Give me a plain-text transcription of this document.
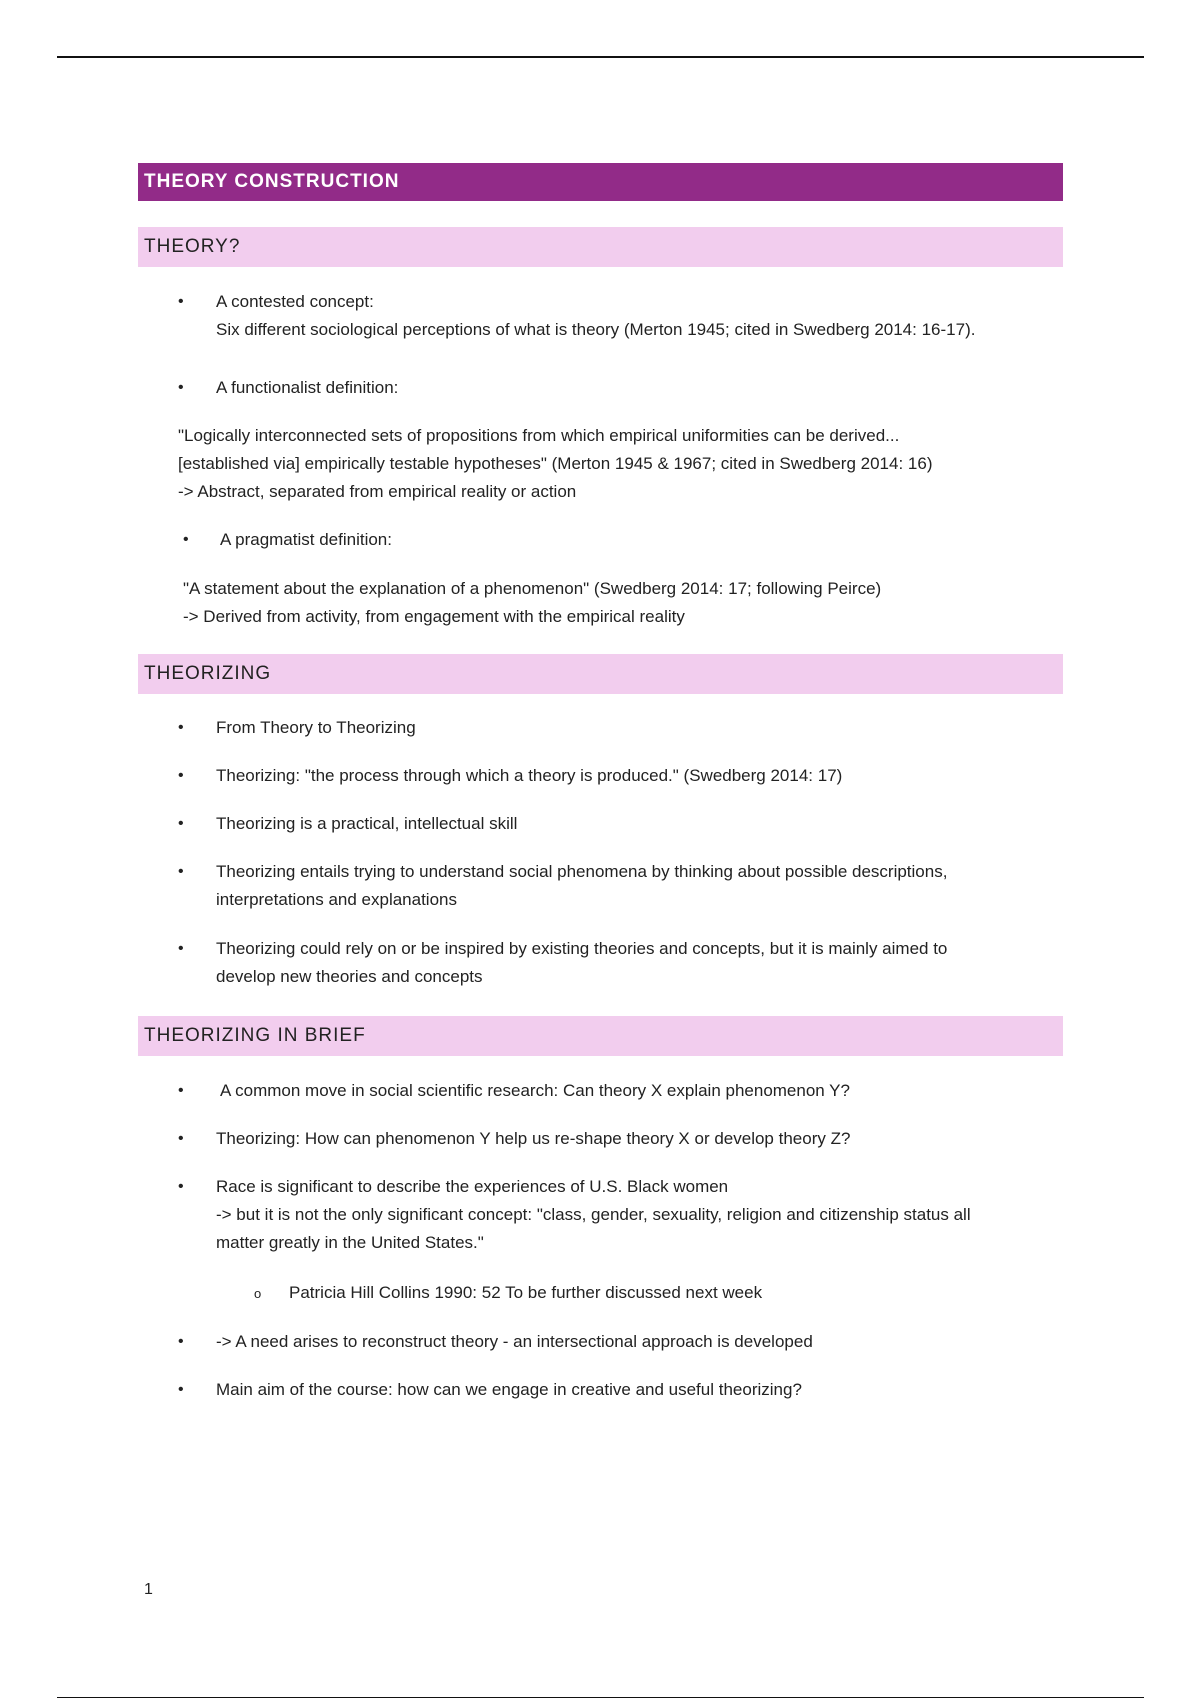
THEORY CONSTRUCTION
THEORY?
• A contested concept:
Six different sociological perceptions of what is theory (Merton 1945; cited in Swedberg 2014: 16-17).
• A functionalist definition:
"Logically interconnected sets of propositions from which empirical uniformities can be derived...
[established via] empirically testable hypotheses" (Merton 1945 & 1967; cited in Swedberg 2014: 16)
-> Abstract, separated from empirical reality or action
• A pragmatist definition:
"A statement about the explanation of a phenomenon" (Swedberg 2014: 17; following Peirce)
-> Derived from activity, from engagement with the empirical reality
THEORIZING
• From Theory to Theorizing
• Theorizing: "the process through which a theory is produced." (Swedberg 2014: 17)
• Theorizing is a practical, intellectual skill
• Theorizing entails trying to understand social phenomena by thinking about possible descriptions,
interpretations and explanations
• Theorizing could rely on or be inspired by existing theories and concepts, but it is mainly aimed to
develop new theories and concepts
THEORIZING IN BRIEF
• A common move in social scientific research: Can theory X explain phenomenon Y?
• Theorizing: How can phenomenon Y help us re-shape theory X or develop theory Z?
• Race is significant to describe the experiences of U.S. Black women
-> but it is not the only significant concept: "class, gender, sexuality, religion and citizenship status all
matter greatly in the United States."
o Patricia Hill Collins 1990: 52 To be further discussed next week
• -> A need arises to reconstruct theory - an intersectional approach is developed
• Main aim of the course: how can we engage in creative and useful theorizing?
1
